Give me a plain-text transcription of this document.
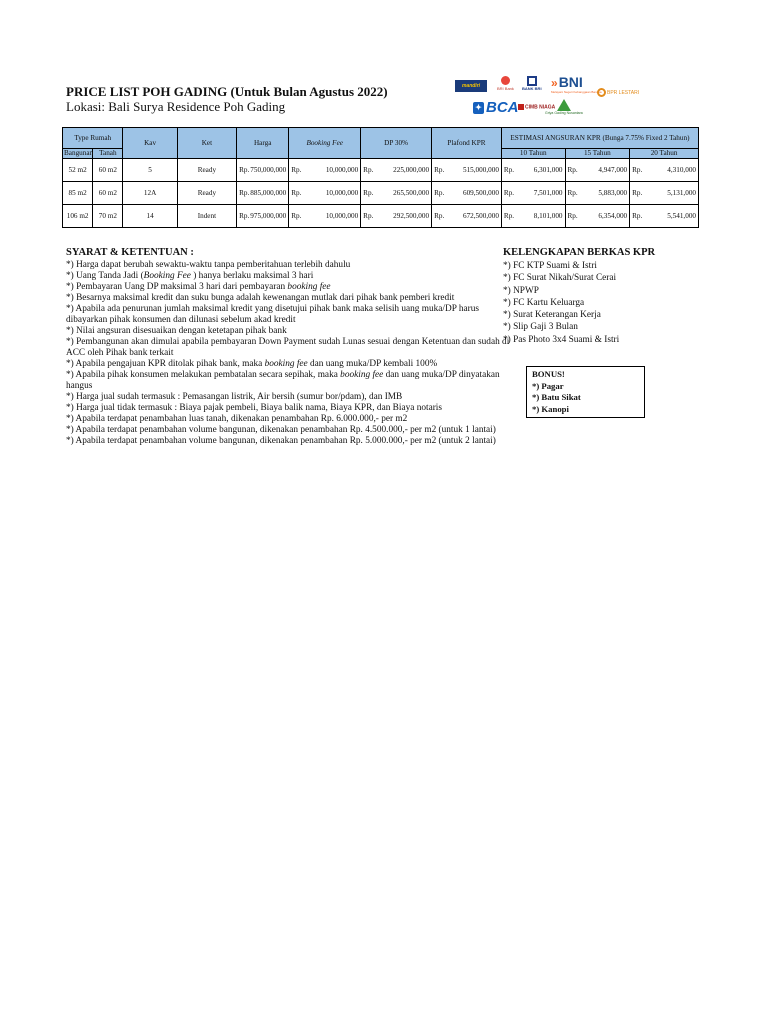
PRICE LIST POH GADING (Untuk Bulan Agustus 2022)
Lokasi: Bali Surya Residence Poh Gading
mandiri	BRI Bank BANK BRI »BNI
Melayani Negeri Kebanggaan Bangsa	BPR LESTARI
✦ BCA	CIMB NIAGA
Griya Gading Nusantara
Type Rumah		Kav	Ket	Harga	Booking Fee	DP 30%	Plafond KPR	ESTIMASI ANGSURAN KPR (Bunga 7.75% Fixed 2 Tahun)		
Bangunan	Tanah							10 Tahun	15 Tahun	20 Tahun
52 m2	60 m2	5	Ready	Rp. 750,000,000	Rp. 10,000,000	Rp. 225,000,000	Rp. 515,000,000	Rp. 6,301,000	Rp. 4,947,000	Rp. 4,310,000

85 m2	60 m2	12A	Ready	Rp. 885,000,000	Rp. 10,000,000	Rp. 265,500,000	Rp. 609,500,000	Rp. 7,501,000	Rp. 5,883,000	Rp. 5,131,000

106 m2	70 m2	14	Indent	Rp. 975,000,000	Rp. 10,000,000	Rp. 292,500,000	Rp. 672,500,000	Rp. 8,101,000	Rp. 6,354,000	Rp. 5,541,000
SYARAT & KETENTUAN :

*) Harga dapat berubah sewaktu-waktu tanpa pemberitahuan terlebih dahulu

*) Uang Tanda Jadi (Booking Fee ) hanya berlaku maksimal 3 hari

*) Pembayaran Uang DP maksimal 3 hari dari pembayaran booking fee

*) Besarnya maksimal kredit dan suku bunga adalah kewenangan mutlak dari pihak bank pemberi kredit

*) Apabila ada penurunan jumlah maksimal kredit yang disetujui pihak bank maka selisih uang muka/DP harus dibayarkan pihak konsumen dan dilunasi sebelum akad kredit

*) Nilai angsuran disesuaikan dengan ketetapan pihak bank

*) Pembangunan akan dimulai apabila pembayaran Down Payment sudah Lunas sesuai dengan Ketentuan dan sudah di ACC oleh Pihak bank terkait

*) Apabila pengajuan KPR ditolak pihak bank, maka booking fee dan uang muka/DP kembali 100%

*) Apabila pihak konsumen melakukan pembatalan secara sepihak, maka booking fee dan uang muka/DP dinyatakan hangus

*) Harga jual sudah termasuk : Pemasangan listrik, Air bersih (sumur bor/pdam), dan IMB

*) Harga jual tidak termasuk : Biaya pajak pembeli, Biaya balik nama, Biaya KPR, dan Biaya notaris

*) Apabila terdapat penambahan luas tanah, dikenakan penambahan Rp. 6.000.000,- per m2

*) Apabila terdapat penambahan volume bangunan, dikenakan penambahan Rp. 4.500.000,- per m2 (untuk 1 lantai)

*) Apabila terdapat penambahan volume bangunan, dikenakan penambahan Rp. 5.000.000,- per m2 (untuk 2 lantai)

KELENGKAPAN BERKAS KPR

*) FC KTP Suami & Istri

*) FC Surat Nikah/Surat Cerai

*) NPWP

*) FC Kartu Keluarga

*) Surat Keterangan Kerja

*) Slip Gaji 3 Bulan

*) Pas Photo 3x4 Suami & Istri

BONUS!
*) Pagar
*) Batu Sikat
*) Kanopi
